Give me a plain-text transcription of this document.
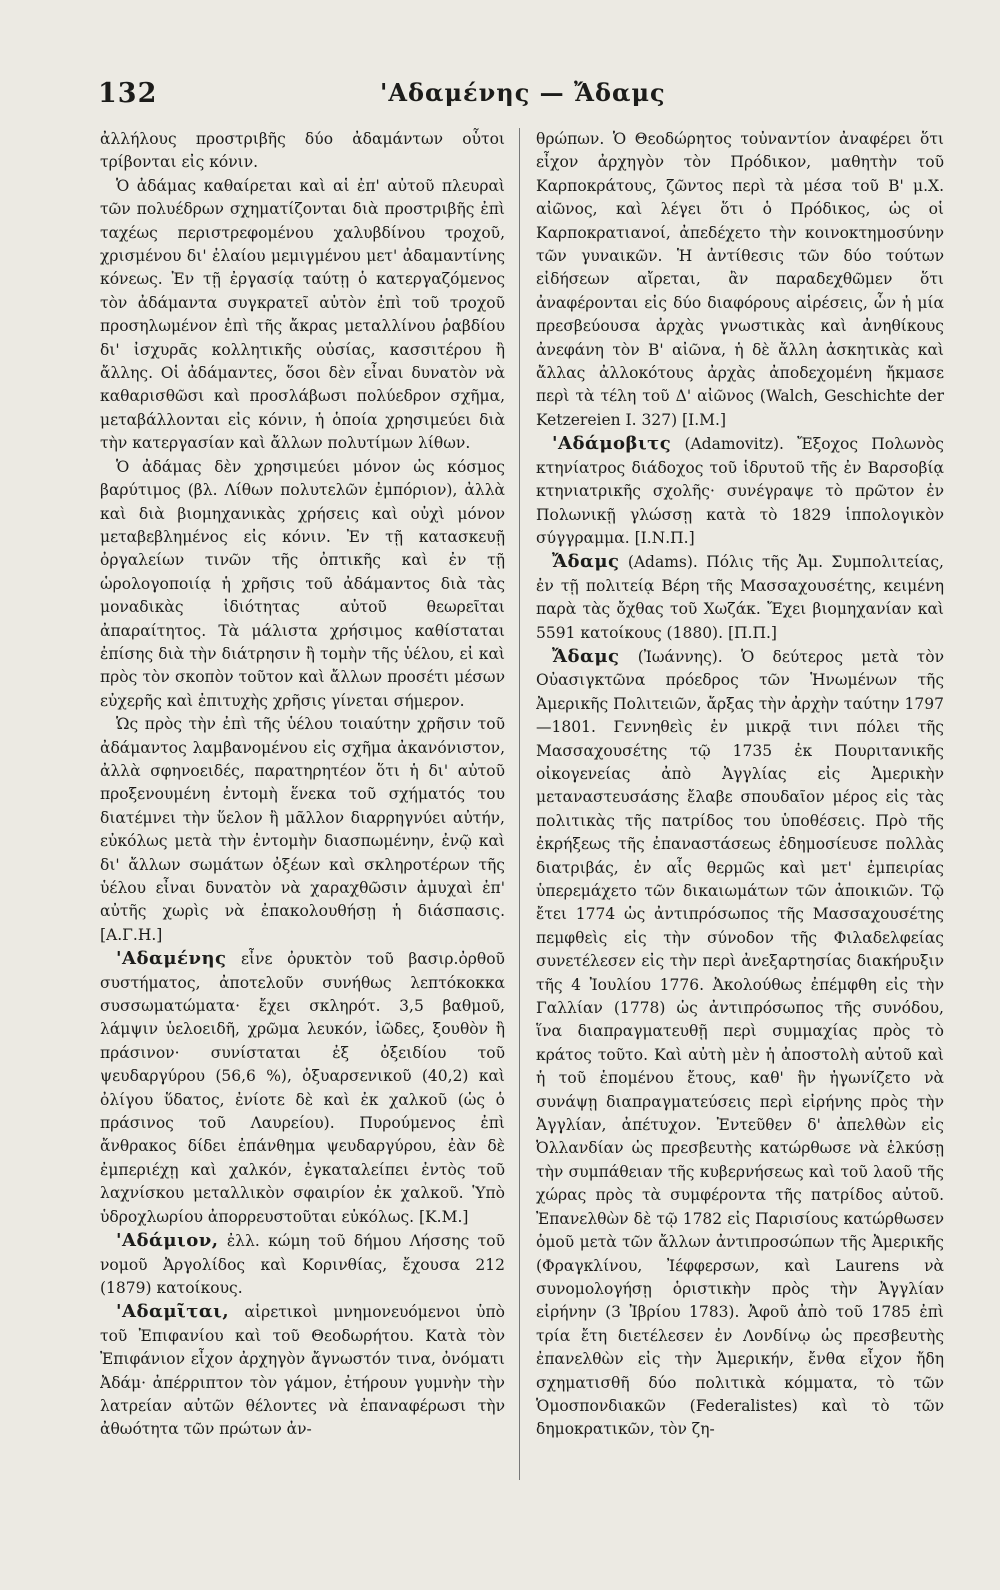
132	'Αδαμένης — Ἄδαμς

ἀλλήλους προστριβῆς δύο ἀδαμάντων οὗτοι τρίβονται εἰς κόνιν.

Ὁ ἀδάμας καθαίρεται καὶ αἱ ἐπ' αὐτοῦ πλευραὶ τῶν πολυέδρων σχηματίζονται διὰ προστριβῆς ἐπὶ ταχέως περιστρεφομένου χαλυβδίνου τροχοῦ, χρισμένου δι' ἐλαίου μεμιγμένου μετ' ἀδαμαντίνης κόνεως. Ἐν τῇ ἐργασίᾳ ταύτῃ ὁ κατεργαζόμενος τὸν ἀδάμαντα συγκρατεῖ αὐτὸν ἐπὶ τοῦ τροχοῦ προσηλωμένον ἐπὶ τῆς ἄκρας μεταλλίνου ῥαβδίου δι' ἰσχυρᾶς κολλητικῆς οὐσίας, κασσιτέρου ἢ ἄλλης. Οἱ ἀδάμαντες, ὅσοι δὲν εἶναι δυνατὸν νὰ καθαρισθῶσι καὶ προσλάβωσι πολύεδρον σχῆμα, μεταβάλλονται εἰς κόνιν, ἡ ὁποία χρησιμεύει διὰ τὴν κατεργασίαν καὶ ἄλλων πολυτίμων λίθων.

Ὁ ἀδάμας δὲν χρησιμεύει μόνον ὡς κόσμος βαρύτιμος (βλ. Λίθων πολυτελῶν ἐμπόριον), ἀλλὰ καὶ διὰ βιομηχανικὰς χρήσεις καὶ οὐχὶ μόνον μεταβεβλημένος εἰς κόνιν. Ἐν τῇ κατασκευῇ ὀργαλείων τινῶν τῆς ὀπτικῆς καὶ ἐν τῇ ὡρολογοποιίᾳ ἡ χρῆσις τοῦ ἀδάμαντος διὰ τὰς μοναδικὰς ἰδιότητας αὐτοῦ θεωρεῖται ἀπαραίτητος. Τὰ μάλιστα χρήσιμος καθίσταται ἐπίσης διὰ τὴν διάτρησιν ἢ τομὴν τῆς ὑέλου, εἰ καὶ πρὸς τὸν σκοπὸν τοῦτον καὶ ἄλλων προσέτι μέσων εὐχερῆς καὶ ἐπιτυχὴς χρῆσις γίνεται σήμερον.

Ὡς πρὸς τὴν ἐπὶ τῆς ὑέλου τοιαύτην χρῆσιν τοῦ ἀδάμαντος λαμβανομένου εἰς σχῆμα ἀκανόνιστον, ἀλλὰ σφηνοειδές, παρατηρητέον ὅτι ἡ δι' αὐτοῦ προξενουμένη ἐντομὴ ἕνεκα τοῦ σχήματός του διατέμνει τὴν ὕελον ἢ μᾶλλον διαρρηγνύει αὐτήν, εὐκόλως μετὰ τὴν ἐντομὴν διασπωμένην, ἐνῷ καὶ δι' ἄλλων σωμάτων ὀξέων καὶ σκληροτέρων τῆς ὑέλου εἶναι δυνατὸν νὰ χαραχθῶσιν ἀμυχαὶ ἐπ' αὐτῆς χωρὶς νὰ ἐπακολουθήσῃ ἡ διάσπασις. [Α.Γ.Η.]

'Αδαμένης εἶνε ὀρυκτὸν τοῦ βασιρ.ὀρθοῦ συστήματος, ἀποτελοῦν συνήθως λεπτόκοκκα συσσωματώματα· ἔχει σκληρότ. 3,5 βαθμοῦ, λάμψιν ὑελοειδῆ, χρῶμα λευκόν, ἰῶδες, ξουθὸν ἢ πράσινον· συνίσταται ἐξ ὀξειδίου τοῦ ψευδαργύρου (56,6 %), ὀξυαρσενικοῦ (40,2) καὶ ὀλίγου ὕδατος, ἐνίοτε δὲ καὶ ἐκ χαλκοῦ (ὡς ὁ πράσινος τοῦ Λαυρείου). Πυρούμενος ἐπὶ ἄνθρακος δίδει ἐπάνθημα ψευδαργύρου, ἐὰν δὲ ἐμπεριέχῃ καὶ χαλκόν, ἐγκαταλείπει ἐντὸς τοῦ λαχνίσκου μεταλλικὸν σφαιρίον ἐκ χαλκοῦ. Ὑπὸ ὑδροχλωρίου ἀπορρευστοῦται εὐκόλως. [Κ.Μ.]

'Αδάμιον, ἐλλ. κώμη τοῦ δήμου Λήσσης τοῦ νομοῦ Ἀργολίδος καὶ Κορινθίας, ἔχουσα 212 (1879) κατοίκους.

'Αδαμῖται, αἱρετικοὶ μνημονευόμενοι ὑπὸ τοῦ Ἐπιφανίου καὶ τοῦ Θεοδωρήτου. Κατὰ τὸν Ἐπιφάνιον εἶχον ἀρχηγὸν ἄγνωστόν τινα, ὀνόματι Ἀδάμ· ἀπέρριπτον τὸν γάμον, ἐτήρουν γυμνὴν τὴν λατρείαν αὐτῶν θέλοντες νὰ ἐπαναφέρωσι τὴν ἀθωότητα τῶν πρώτων ἀν-

θρώπων. Ὁ Θεοδώρητος τοὐναντίον ἀναφέρει ὅτι εἶχον ἀρχηγὸν τὸν Πρόδικον, μαθητὴν τοῦ Καρποκράτους, ζῶντος περὶ τὰ μέσα τοῦ Β' μ.Χ. αἰῶνος, καὶ λέγει ὅτι ὁ Πρόδικος, ὡς οἱ Καρποκρατιανοί, ἀπεδέχετο τὴν κοινοκτημοσύνην τῶν γυναικῶν. Ἡ ἀντίθεσις τῶν δύο τούτων εἰδήσεων αἴρεται, ἂν παραδεχθῶμεν ὅτι ἀναφέρονται εἰς δύο διαφόρους αἱρέσεις, ὧν ἡ μία πρεσβεύουσα ἀρχὰς γνωστικὰς καὶ ἀνηθίκους ἀνεφάνη τὸν Β' αἰῶνα, ἡ δὲ ἄλλη ἀσκητικὰς καὶ ἄλλας ἀλλοκότους ἀρχὰς ἀποδεχομένη ἤκμασε περὶ τὰ τέλη τοῦ Δ' αἰῶνος (Walch, Geschichte der Ketzereien I. 327) [I.M.]

'Αδάμοβιτς (Adamovitz). Ἔξοχος Πολωνὸς κτηνίατρος διάδοχος τοῦ ἱδρυτοῦ τῆς ἐν Βαρσοβίᾳ κτηνιατρικῆς σχολῆς· συνέγραψε τὸ πρῶτον ἐν Πολωνικῇ γλώσσῃ κατὰ τὸ 1829 ἱππολογικὸν σύγγραμμα. [Ι.Ν.Π.]

Ἄδαμς (Adams). Πόλις τῆς Ἀμ. Συμπολιτείας, ἐν τῇ πολιτείᾳ Βέρη τῆς Μασσαχουσέτης, κειμένη παρὰ τὰς ὄχθας τοῦ Χωζάκ. Ἔχει βιομηχανίαν καὶ 5591 κατοίκους (1880). [Π.Π.]

Ἄδαμς (Ἰωάννης). Ὁ δεύτερος μετὰ τὸν Οὐασιγκτῶνα πρόεδρος τῶν Ἡνωμένων τῆς Ἀμερικῆς Πολιτειῶν, ἄρξας τὴν ἀρχὴν ταύτην 1797—1801. Γεννηθεὶς ἐν μικρᾷ τινι πόλει τῆς Μασσαχουσέτης τῷ 1735 ἐκ Πουριτανικῆς οἰκογενείας ἀπὸ Ἀγγλίας εἰς Ἀμερικὴν μεταναστευσάσης ἔλαβε σπουδαῖον μέρος εἰς τὰς πολιτικὰς τῆς πατρίδος του ὑποθέσεις. Πρὸ τῆς ἐκρήξεως τῆς ἐπαναστάσεως ἐδημοσίευσε πολλὰς διατριβάς, ἐν αἷς θερμῶς καὶ μετ' ἐμπειρίας ὑπερεμάχετο τῶν δικαιωμάτων τῶν ἀποικιῶν. Τῷ ἔτει 1774 ὡς ἀντιπρόσωπος τῆς Μασσαχουσέτης πεμφθεὶς εἰς τὴν σύνοδον τῆς Φιλαδελφείας συνετέλεσεν εἰς τὴν περὶ ἀνεξαρτησίας διακήρυξιν τῆς 4 Ἰουλίου 1776. Ἀκολούθως ἐπέμφθη εἰς τὴν Γαλλίαν (1778) ὡς ἀντιπρόσωπος τῆς συνόδου, ἵνα διαπραγματευθῇ περὶ συμμαχίας πρὸς τὸ κράτος τοῦτο. Καὶ αὐτὴ μὲν ἡ ἀποστολὴ αὐτοῦ καὶ ἡ τοῦ ἑπομένου ἔτους, καθ' ἣν ἠγωνίζετο νὰ συνάψῃ διαπραγματεύσεις περὶ εἰρήνης πρὸς τὴν Ἀγγλίαν, ἀπέτυχον. Ἐντεῦθεν δ' ἀπελθὼν εἰς Ὀλλανδίαν ὡς πρεσβευτὴς κατώρθωσε νὰ ἑλκύσῃ τὴν συμπάθειαν τῆς κυβερνήσεως καὶ τοῦ λαοῦ τῆς χώρας πρὸς τὰ συμφέροντα τῆς πατρίδος αὐτοῦ. Ἐπανελθὼν δὲ τῷ 1782 εἰς Παρισίους κατώρθωσεν ὁμοῦ μετὰ τῶν ἄλλων ἀντιπροσώπων τῆς Ἀμερικῆς (Φραγκλίνου, Ἰέφφερσων, καὶ Laurens νὰ συνομολογήσῃ ὁριστικὴν πρὸς τὴν Ἀγγλίαν εἰρήνην (3 Ἰβρίου 1783). Ἀφοῦ ἀπὸ τοῦ 1785 ἐπὶ τρία ἔτη διετέλεσεν ἐν Λονδίνῳ ὡς πρεσβευτὴς ἐπανελθὼν εἰς τὴν Ἀμερικήν, ἔνθα εἶχον ἤδη σχηματισθῆ δύο πολιτικὰ κόμματα, τὸ τῶν Ὁμοσπονδιακῶν (Federalistes) καὶ τὸ τῶν δημοκρατικῶν, τὸν ζη-
